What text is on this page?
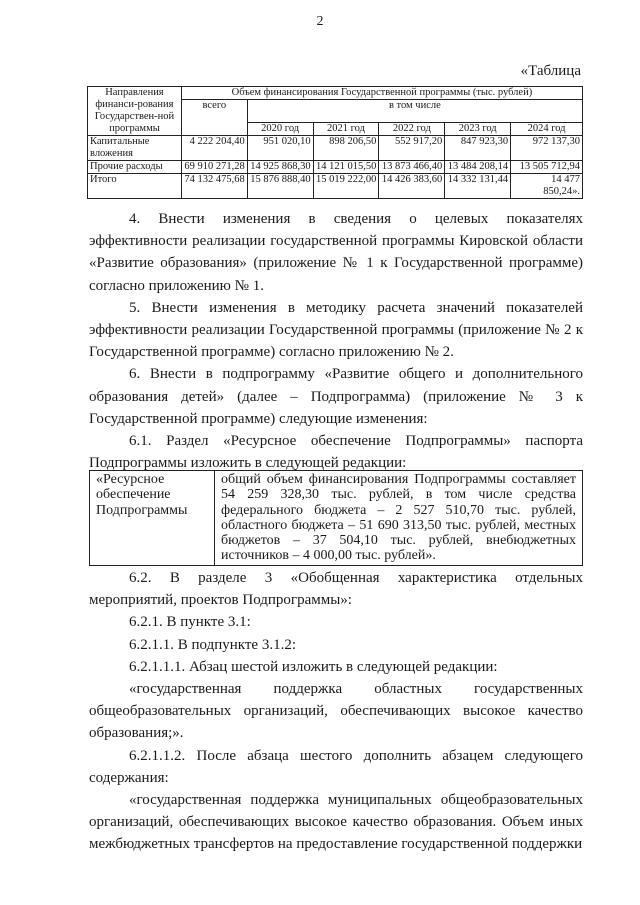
2
«Таблица
Направления финанси-рования Государствен-ной программы	Объем финансирования Государственной программы (тыс. рублей)					
	всего	в том числе				
		2020 год	2021 год	2022 год	2023 год	2024 год
Капитальные вложения	4 222 204,40	951 020,10	898 206,50	552 917,20	847 923,30	972 137,30
Прочие расходы	69 910 271,28	14 925 868,30	14 121 015,50	13 873 466,40	13 484 208,14	13 505 712,94
Итого	74 132 475,68	15 876 888,40	15 019 222,00	14 426 383,60	14 332 131,44	14 477 850,24».

4. Внести изменения в сведения о целевых показателях эффективности реализации государственной программы Кировской области «Развитие образования» (приложение № 1 к Государственной программе) согласно приложению № 1.

5. Внести изменения в методику расчета значений показателей эффективности реализации Государственной программы (приложение № 2 к Государственной программе) согласно приложению № 2.

6. Внести в подпрограмму «Развитие общего и дополнительного образования детей» (далее – Подпрограмма) (приложение № 3 к Государственной программе) следующие изменения:

6.1. Раздел «Ресурсное обеспечение Подпрограммы» паспорта Подпрограммы изложить в следующей редакции:

«Ресурсное обеспечение Подпрограммы	общий объем финансирования Подпрограммы составляет 54 259 328,30 тыс. рублей, в том числе средства федерального бюджета – 2 527 510,70 тыс. рублей, областного бюджета – 51 690 313,50 тыс. рублей, местных бюджетов – 37 504,10 тыс. рублей, внебюджетных источников – 4 000,00 тыс. рублей».

6.2. В разделе 3 «Обобщенная характеристика отдельных мероприятий, проектов Подпрограммы»:

6.2.1. В пункте 3.1:

6.2.1.1. В подпункте 3.1.2:

6.2.1.1.1. Абзац шестой изложить в следующей редакции:

«государственная поддержка областных государственных общеобразовательных организаций, обеспечивающих высокое качество образования;».

6.2.1.1.2. После абзаца шестого дополнить абзацем следующего содержания:

«государственная поддержка муниципальных общеобразовательных организаций, обеспечивающих высокое качество образования. Объем иных межбюджетных трансфертов на предоставление государственной поддержки
